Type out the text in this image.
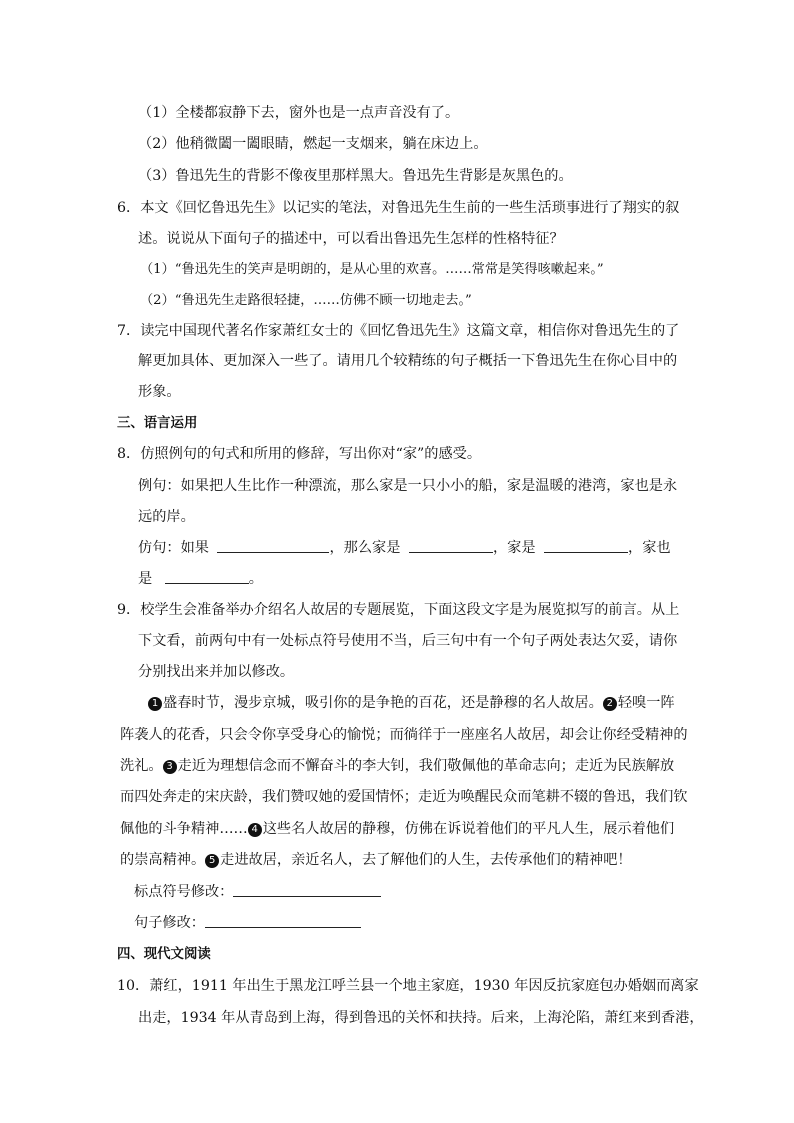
（1）全楼都寂静下去，窗外也是一点声音没有了。
（2）他稍微闔一闔眼睛，燃起一支烟来，躺在床边上。
（3）鲁迅先生的背影不像夜里那样黑大。鲁迅先生背影是灰黑色的。
6．本文《回忆鲁迅先生》以记实的笔法，对鲁迅先生生前的一些生活琐事进行了翔实的叙
述。说说从下面句子的描述中，可以看出鲁迅先生怎样的性格特征？
（1）“鲁迅先生的笑声是明朗的，是从心里的欢喜。……常常是笑得咳嗽起来。”
（2）“鲁迅先生走路很轻捷，……仿佛不顾一切地走去。”
7．读完中国现代著名作家萧红女士的《回忆鲁迅先生》这篇文章，相信你对鲁迅先生的了
解更加具体、更加深入一些了。请用几个较精练的句子概括一下鲁迅先生在你心目中的
形象。
三、语言运用
8．仿照例句的句式和所用的修辞，写出你对“家”的感受。
例句：如果把人生比作一种漂流，那么家是一只小小的船，家是温暖的港湾，家也是永
远的岸。
仿句：如果	，那么家是	，家是	，家也
是	。
9．校学生会准备举办介绍名人故居的专题展览，下面这段文字是为展览拟写的前言。从上
下文看，前两句中有一处标点符号使用不当，后三句中有一个句子两处表达欠妥，请你
分别找出来并加以修改。
1 盛春时节，漫步京城，吸引你的是争艳的百花，还是静穆的名人故居。 2 轻嗅一阵
阵袭人的花香，只会令你享受身心的愉悦；而徜徉于一座座名人故居，却会让你经受精神的
洗礼。 3 走近为理想信念而不懈奋斗的李大钊，我们敬佩他的革命志向；走近为民族解放
而四处奔走的宋庆龄，我们赞叹她的爱国情怀；走近为唤醒民众而笔耕不辍的鲁迅，我们钦
佩他的斗争精神…… 4 这些名人故居的静穆，仿佛在诉说着他们的平凡人生，展示着他们
的崇高精神。 5 走进故居，亲近名人，去了解他们的人生，去传承他们的精神吧！
标点符号修改：
句子修改：
四、现代文阅读
10．萧红，1911 年出生于黑龙江呼兰县一个地主家庭，1930 年因反抗家庭包办婚姻而离家
出走，1934 年从青岛到上海，得到鲁迅的关怀和扶持。后来，上海沦陷，萧红来到香港，
